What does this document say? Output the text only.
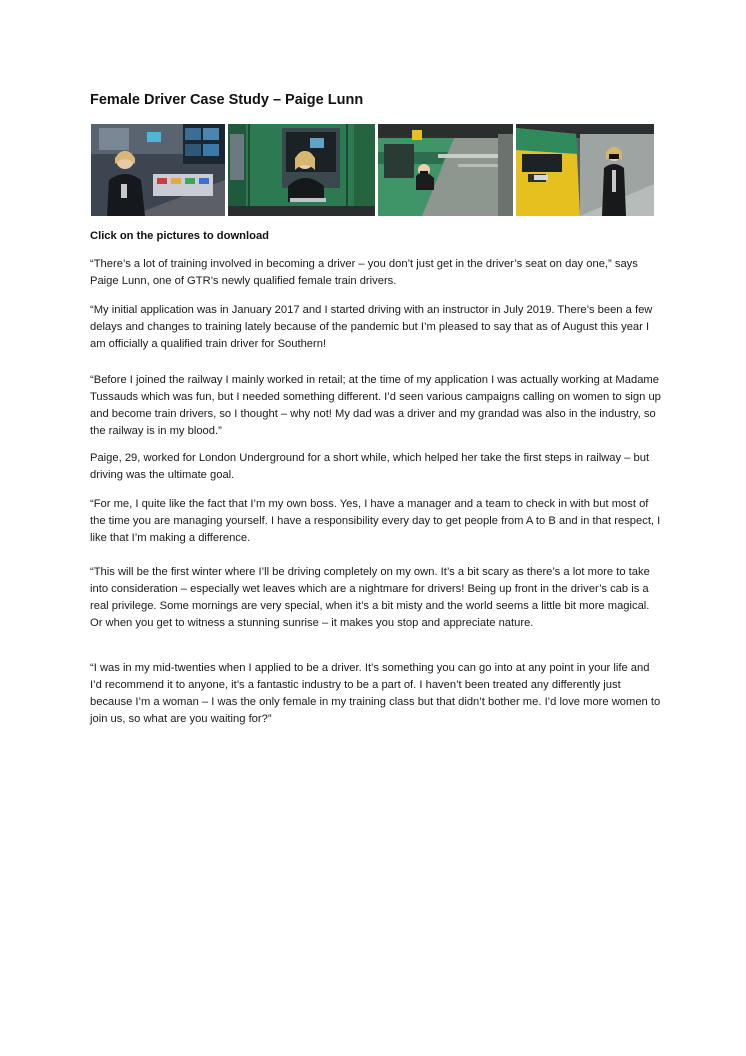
Female Driver Case Study – Paige Lunn

Click on the pictures to download

“There’s a lot of training involved in becoming a driver – you don’t just get in the driver’s seat on day one,” says Paige Lunn, one of GTR’s newly qualified female train drivers.

“My initial application was in January 2017 and I started driving with an instructor in July 2019. There’s been a few delays and changes to training lately because of the pandemic but I’m pleased to say that as of August this year I am officially a qualified train driver for Southern!

“Before I joined the railway I mainly worked in retail; at the time of my application I was actually working at Madame Tussauds which was fun, but I needed something different. I’d seen various campaigns calling on women to sign up and become train drivers, so I thought – why not! My dad was a driver and my grandad was also in the industry, so the railway is in my blood.”

Paige, 29, worked for London Underground for a short while, which helped her take the first steps in railway – but driving was the ultimate goal.

“For me, I quite like the fact that I’m my own boss. Yes, I have a manager and a team to check in with but most of the time you are managing yourself. I have a responsibility every day to get people from A to B and in that respect, I like that I’m making a difference.

“This will be the first winter where I’ll be driving completely on my own. It’s a bit scary as there’s a lot more to take into consideration – especially wet leaves which are a nightmare for drivers! Being up front in the driver’s cab is a real privilege. Some mornings are very special, when it’s a bit misty and the world seems a little bit more magical. Or when you get to witness a stunning sunrise – it makes you stop and appreciate nature.

“I was in my mid-twenties when I applied to be a driver. It’s something you can go into at any point in your life and I’d recommend it to anyone, it’s a fantastic industry to be a part of. I haven’t been treated any differently just because I’m a woman – I was the only female in my training class but that didn’t bother me. I’d love more women to join us, so what are you waiting for?”
